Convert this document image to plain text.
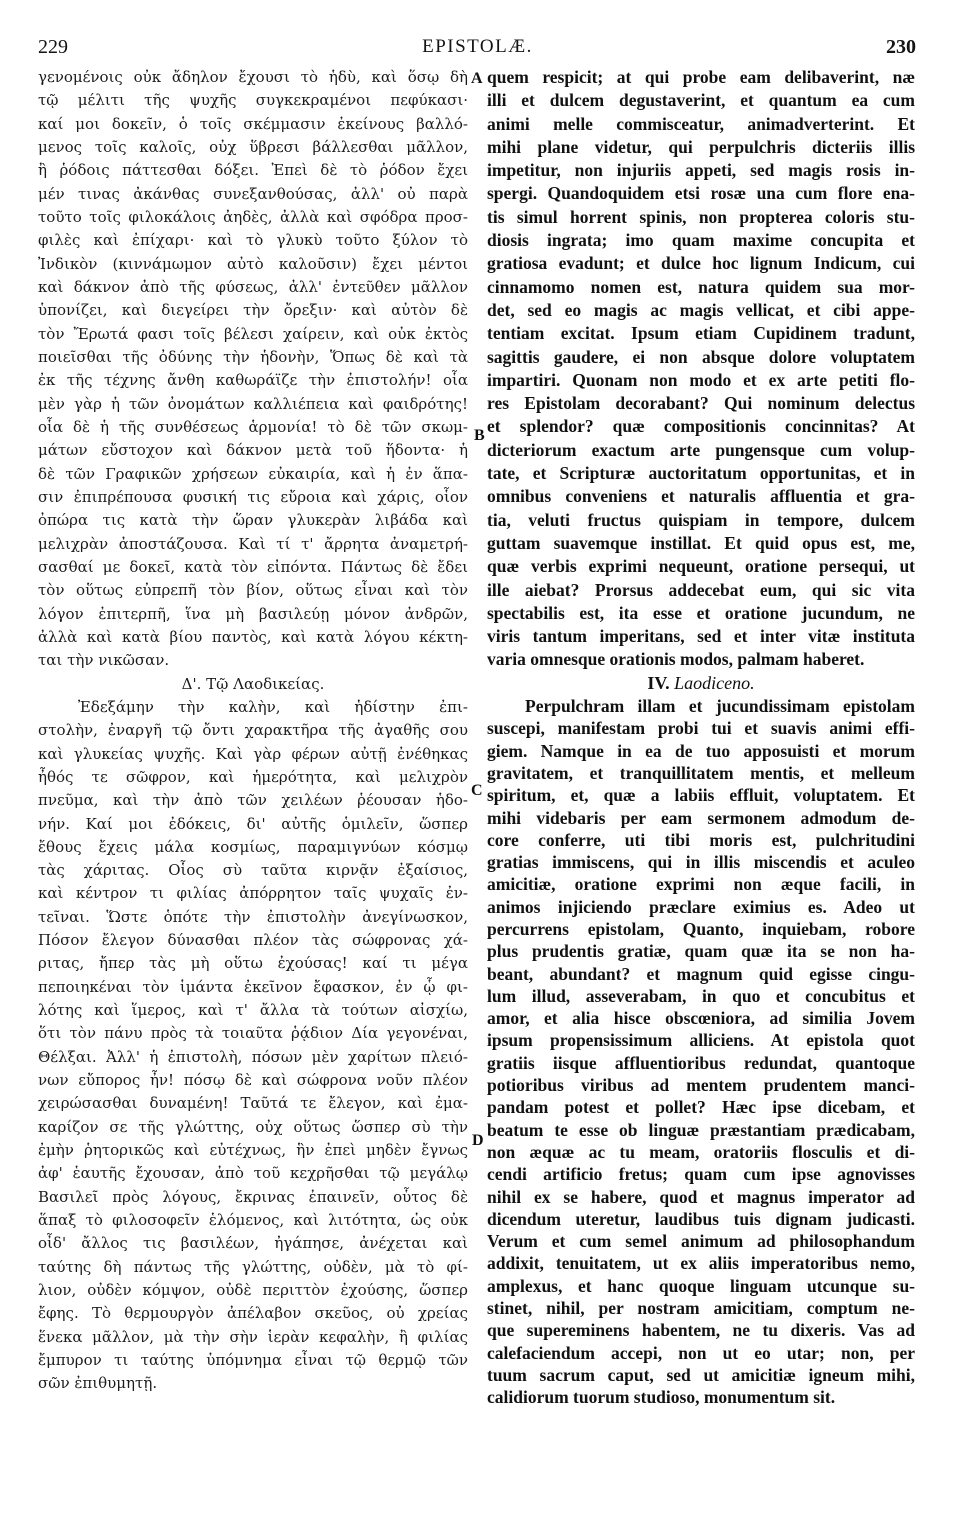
229	EPISTOLÆ.	230
γενομένοις οὐκ ἄδηλον ἔχουσι τὸ ἡδὺ, καὶ ὅσῳ δὴ
τῷ μέλιτι τῆς ψυχῆς συγκεκραμένοι πεφύκασι·
καί μοι δοκεῖν, ὁ τοῖς σκέμμασιν ἐκείνους βαλλό-
μενος τοῖς καλοῖς, οὐχ ὕβρεσι βάλλεσθαι μᾶλλον,
ἢ ῥόδοις πάττεσθαι δόξει. Ἐπεὶ δὲ τὸ ῥόδον ἔχει
μέν τινας ἀκάνθας συνεξανθούσας, ἀλλ' οὐ παρὰ
τοῦτο τοῖς φιλοκάλοις ἀηδὲς, ἀλλὰ καὶ σφόδρα προσ-
φιλὲς καὶ ἐπίχαρι· καὶ τὸ γλυκὺ τοῦτο ξύλον τὸ
Ἰνδικὸν (κιννάμωμον αὐτὸ καλοῦσιν) ἔχει μέντοι
καὶ δάκνον ἀπὸ τῆς φύσεως, ἀλλ' ἐντεῦθεν μᾶλλον
ὑπονίζει, καὶ διεγείρει τὴν ὄρεξιν· καὶ αὐτὸν δὲ
τὸν Ἔρωτά φασι τοῖς βέλεσι χαίρειν, καὶ οὐκ ἐκτὸς
ποιεῖσθαι τῆς ὀδύνης τὴν ἡδονὴν, Ὅπως δὲ καὶ τὰ
ἐκ τῆς τέχνης ἄνθη καθωράϊζε τὴν ἐπιστολήν! οἷα
μὲν γὰρ ἡ τῶν ὀνομάτων καλλιέπεια καὶ φαιδρότης!
οἷα δὲ ἡ τῆς συνθέσεως ἁρμονία! τὸ δὲ τῶν σκωμ-
μάτων εὔστοχον καὶ δάκνον μετὰ τοῦ ἥδοντα· ἡ
δὲ τῶν Γραφικῶν χρήσεων εὐκαιρία, καὶ ἡ ἐν ἅπα-
σιν ἐπιπρέπουσα φυσική τις εὔροια καὶ χάρις, οἷον
ὀπώρα τις κατὰ τὴν ὥραν γλυκερὰν λιβάδα καὶ
μελιχρὰν ἀποστάζουσα. Καὶ τί τ' ἄρρητα ἀναμετρή-
σασθαί με δοκεῖ, κατὰ τὸν εἰπόντα. Πάντως δὲ ἔδει
τὸν οὕτως εὐπρεπῆ τὸν βίον, οὕτως εἶναι καὶ τὸν
λόγον ἐπιτερπῆ, ἵνα μὴ βασιλεύῃ μόνον ἀνδρῶν,
ἀλλὰ καὶ κατὰ βίου παντὸς, καὶ κατὰ λόγου κέκτη-
ται τὴν νικῶσαν.
Δ'. Τῷ Λαοδικείας.
Ἐδεξάμην τὴν καλὴν, καὶ ἡδίστην ἐπι-
στολὴν, ἐναργῆ τῷ ὄντι χαρακτῆρα τῆς ἀγαθῆς σου
καὶ γλυκείας ψυχῆς. Καὶ γὰρ φέρων αὐτῇ ἐνέθηκας
ἦθός τε σῶφρον, καὶ ἡμερότητα, καὶ μελιχρὸν
πνεῦμα, καὶ τὴν ἀπὸ τῶν χειλέων ῥέουσαν ἡδο-
νήν. Καί μοι ἐδόκεις, δι' αὐτῆς ὁμιλεῖν, ὥσπερ
ἔθους ἔχεις μάλα κοσμίως, παραμιγνύων κόσμῳ
τὰς χάριτας. Οἷος σὺ ταῦτα κιρνᾷν ἐξαίσιος,
καὶ κέντρον τι φιλίας ἀπόρρητον ταῖς ψυχαῖς ἐν-
τεῖναι. Ὥστε ὁπότε τὴν ἐπιστολὴν ἀνεγίνωσκον,
Πόσον ἔλεγον δύνασθαι πλέον τὰς σώφρονας χά-
ριτας, ἤπερ τὰς μὴ οὕτω ἐχούσας! καί τι μέγα
πεποιηκέναι τὸν ἱμάντα ἐκεῖνον ἔφασκον, ἐν ᾧ φι-
λότης καὶ ἵμερος, καὶ τ' ἄλλα τὰ τούτων αἰσχίω,
ὅτι τὸν πάνυ πρὸς τὰ τοιαῦτα ῥᾴδιον Δία γεγονέναι,
Θέλξαι. Ἀλλ' ἡ ἐπιστολὴ, πόσων μὲν χαρίτων πλειό-
νων εὔπορος ἦν! πόσῳ δὲ καὶ σώφρονα νοῦν πλέον
χειρώσασθαι δυναμένη! Ταῦτά τε ἔλεγον, καὶ ἐμα-
καρίζον σε τῆς γλώττης, οὐχ οὕτως ὥσπερ σὺ τὴν
ἐμὴν ῥητορικῶς καὶ εὐτέχνως, ἣν ἐπεὶ μηδὲν ἔγνως
ἀφ' ἑαυτῆς ἔχουσαν, ἀπὸ τοῦ κεχρῆσθαι τῷ μεγάλῳ
Βασιλεῖ πρὸς λόγους, ἔκρινας ἐπαινεῖν, οὗτος δὲ
ἅπαξ τὸ φιλοσοφεῖν ἑλόμενος, καὶ λιτότητα, ὡς οὐκ
οἶδ' ἄλλος τις βασιλέων, ἠγάπησε, ἀνέχεται καὶ
ταύτης δὴ πάντως τῆς γλώττης, οὐδὲν, μὰ τὸ φί-
λιον, οὐδὲν κόμψον, οὐδὲ περιττὸν ἐχούσης, ὥσπερ
ἔφης. Τὸ θερμουργὸν ἀπέλαβον σκεῦος, οὐ χρείας
ἕνεκα μᾶλλον, μὰ τὴν σὴν ἱερὰν κεφαλὴν, ἢ φιλίας
ἔμπυρον τι ταύτης ὑπόμνημα εἶναι τῷ θερμῷ τῶν
σῶν ἐπιθυμητῇ.
quem respicit; at qui probe eam delibaverint, næ
illi et dulcem degustaverint, et quantum ea cum
animi melle commisceatur, animadverterint. Et
mihi plane videtur, qui perpulchris dicteriis illis
impetitur, non injuriis appeti, sed magis rosis in-
spergi. Quandoquidem etsi rosæ una cum flore ena-
tis simul horrent spinis, non propterea coloris stu-
diosis ingrata; imo quam maxime concupita et
gratiosa evadunt; et dulce hoc lignum Indicum, cui
cinnamomo nomen est, natura quidem sua mor-
det, sed eo magis ac magis vellicat, et cibi appe-
tentiam excitat. Ipsum etiam Cupidinem tradunt,
sagittis gaudere, ei non absque dolore voluptatem
impartiri. Quonam non modo et ex arte petiti flo-
res Epistolam decorabant? Qui nominum delectus
et splendor? quæ compositionis concinnitas? At
dicteriorum exactum arte pungensque cum volup-
tate, et Scripturæ auctoritatum opportunitas, et in
omnibus conveniens et naturalis affluentia et gra-
tia, veluti fructus quispiam in tempore, dulcem
guttam suavemque instillat. Et quid opus est, me,
quæ verbis exprimi nequeunt, oratione persequi, ut
ille aiebat? Prorsus addecebat eum, qui sic vita
spectabilis est, ita esse et oratione jucundum, ne
viris tantum imperitans, sed et inter vitæ instituta
varia omnesque orationis modos, palmam haberet.
IV. Laodiceno.
Perpulchram illam et jucundissimam epistolam
suscepi, manifestam probi tui et suavis animi effi-
giem. Namque in ea de tuo apposuisti et morum
gravitatem, et tranquillitatem mentis, et melleum
spiritum, et, quæ a labiis effluit, voluptatem. Et
mihi videbaris per eam sermonem admodum de-
core conferre, uti tibi moris est, pulchritudini
gratias immiscens, qui in illis miscendis et aculeo
amicitiæ, oratione exprimi non æque facili, in
animos injiciendo præclare eximius es. Adeo ut
percurrens epistolam, Quanto, inquiebam, robore
plus prudentis gratiæ, quam quæ ita se non ha-
beant, abundant? et magnum quid egisse cingu-
lum illud, asseverabam, in quo et concubitus et
amor, et alia hisce obscœniora, ad similia Jovem
ipsum propensissimum alliciens. At epistola quot
gratiis iisque affluentioribus redundat, quantoque
potioribus viribus ad mentem prudentem manci-
pandam potest et pollet? Hæc ipse dicebam, et
beatum te esse ob linguæ præstantiam prædicabam,
non æquæ ac tu meam, oratoriis flosculis et di-
cendi artificio fretus; quam cum ipse agnovisses
nihil ex se habere, quod et magnus imperator ad
dicendum uteretur, laudibus tuis dignam judicasti.
Verum et cum semel animum ad philosophandum
addixit, tenuitatem, ut ex aliis imperatoribus nemo,
amplexus, et hanc quoque linguam utcunque su-
stinet, nihil, per nostram amicitiam, comptum ne-
que supereminens habentem, ne tu dixeris. Vas ad
calefaciendum accepi, non ut eo utar; non, per
tuum sacrum caput, sed ut amicitiæ igneum mihi,
calidiorum tuorum studioso, monumentum sit.
A
B
C
D
